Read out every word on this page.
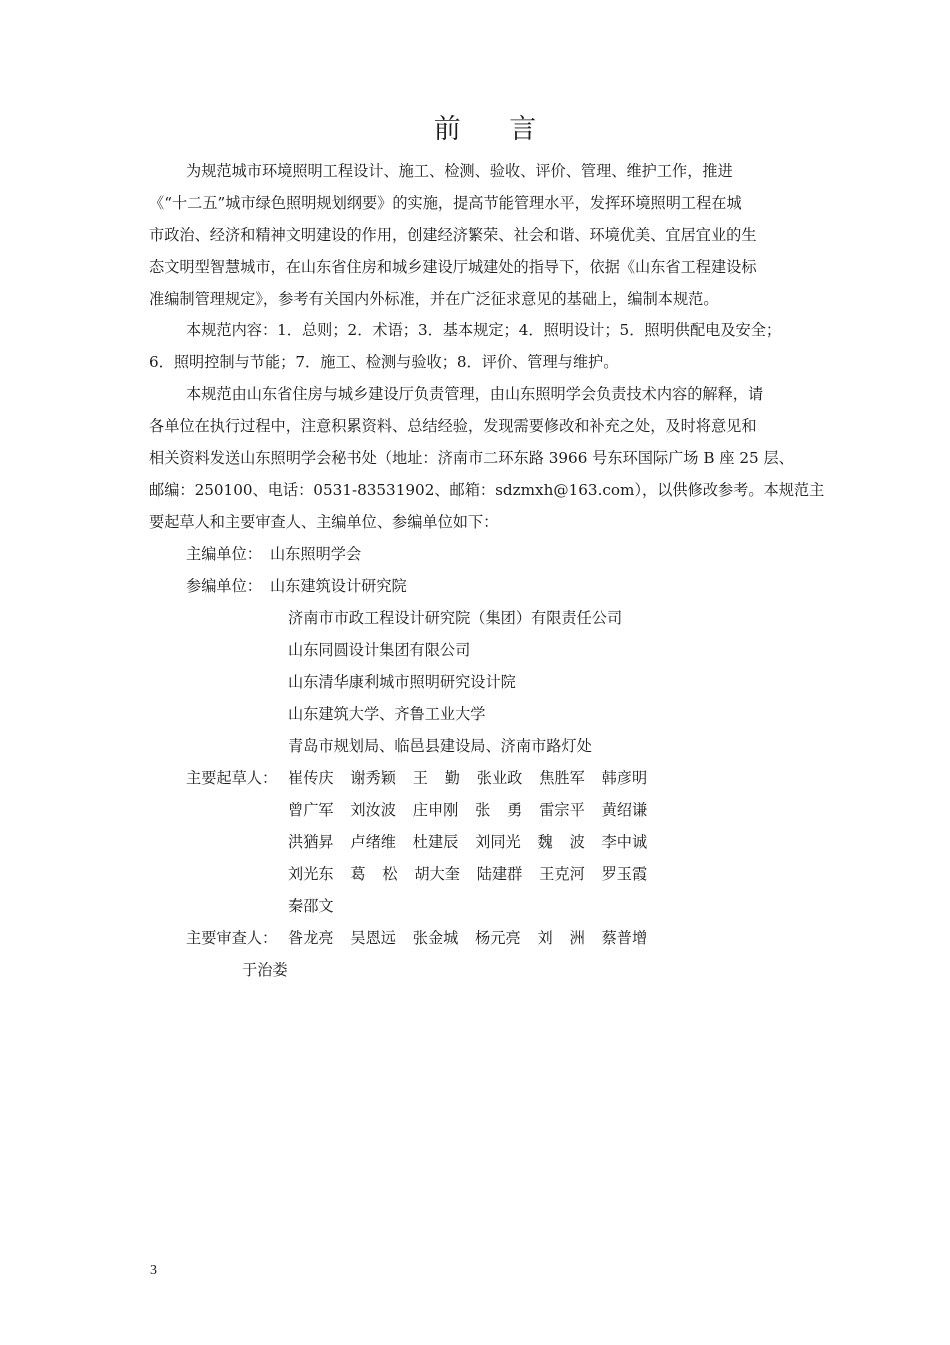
前 言
为规范城市环境照明工程设计、施工、检测、验收、评价、管理、维护工作，推进
《“十二五”城市绿色照明规划纲要》的实施，提高节能管理水平，发挥环境照明工程在城
市政治、经济和精神文明建设的作用，创建经济繁荣、社会和谐、环境优美、宜居宜业的生
态文明型智慧城市，在山东省住房和城乡建设厅城建处的指导下，依据《山东省工程建设标
准编制管理规定》，参考有关国内外标准，并在广泛征求意见的基础上，编制本规范。
本规范内容：1．总则；2．术语；3．基本规定；4．照明设计；5．照明供配电及安全；
6．照明控制与节能；7．施工、检测与验收；8．评价、管理与维护。
本规范由山东省住房与城乡建设厅负责管理，由山东照明学会负责技术内容的解释，请
各单位在执行过程中，注意积累资料、总结经验，发现需要修改和补充之处，及时将意见和
相关资料发送山东照明学会秘书处（地址：济南市二环东路 3966 号东环国际广场 B 座 25 层、
邮编：250100、电话：0531-83531902、邮箱：sdzmxh@163.com），以供修改参考。本规范主
要起草人和主要审查人、主编单位、参编单位如下：
主编单位： 山东照明学会
参编单位： 山东建筑设计研究院
济南市市政工程设计研究院（集团）有限责任公司
山东同圆设计集团有限公司
山东清华康利城市照明研究设计院
山东建筑大学、齐鲁工业大学
青岛市规划局、临邑县建设局、济南市路灯处
主要起草人： 崔传庆 谢秀颖 王 勤 张业政 焦胜军 韩彦明
曾广军 刘汝波 庄申刚 张 勇 雷宗平 黄绍谦
洪猶昇 卢绪维 杜建辰 刘同光 魏 波 李中诚
刘光东 葛 松 胡大奎 陆建群 王克河 罗玉霞
秦邵文
主要审查人： 昝龙亮 吴恩远 张金城 杨元亮 刘 洲 蔡普增
于治娄
3
